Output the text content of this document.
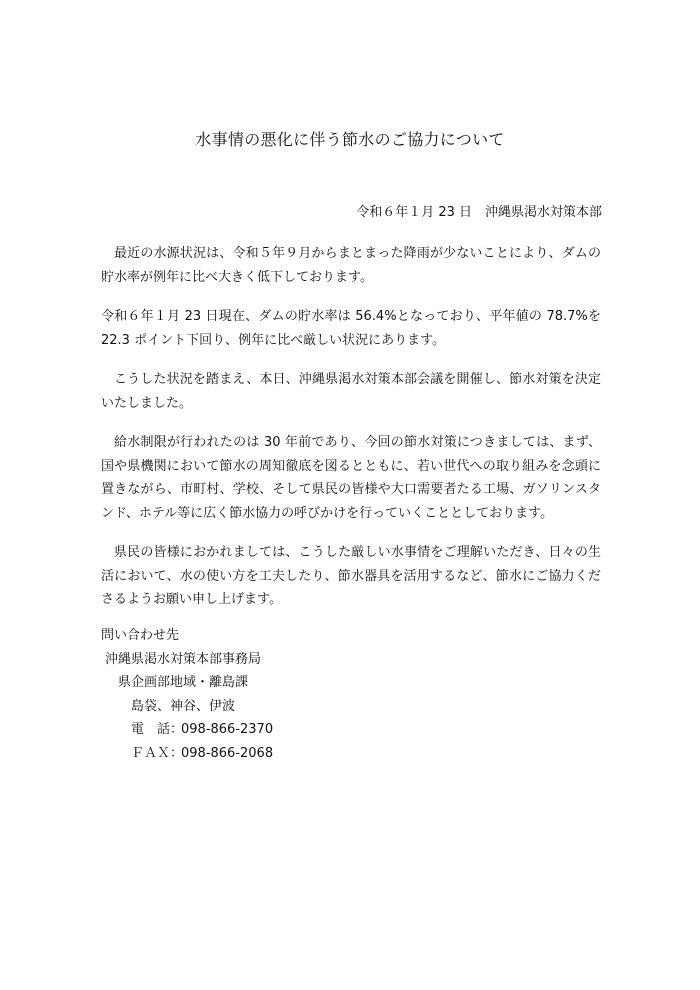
水事情の悪化に伴う節水のご協力について
令和６年１月 23 日　沖縄県渇水対策本部
最近の水源状況は、令和５年９月からまとまった降雨が少ないことにより、ダムの貯水率が例年に比べ大きく低下しております。
令和６年１月 23 日現在、ダムの貯水率は 56.4%となっており、平年値の 78.7%を 22.3 ポイント下回り、例年に比べ厳しい状況にあります。
こうした状況を踏まえ、本日、沖縄県渇水対策本部会議を開催し、節水対策を決定いたしました。
給水制限が行われたのは 30 年前であり、今回の節水対策につきましては、まず、国や県機関において節水の周知徹底を図るとともに、若い世代への取り組みを念頭に置きながら、市町村、学校、そして県民の皆様や大口需要者たる工場、ガソリンスタンド、ホテル等に広く節水協力の呼びかけを行っていくこととしております。
県民の皆様におかれましては、こうした厳しい水事情をご理解いただき、日々の生活において、水の使い方を工夫したり、節水器具を活用するなど、節水にご協力くださるようお願い申し上げます。
問い合わせ先
沖縄県渇水対策本部事務局
県企画部地域・離島課
島袋、神谷、伊波
電　話：098-866-2370
ＦＡＸ：098-866-2068
